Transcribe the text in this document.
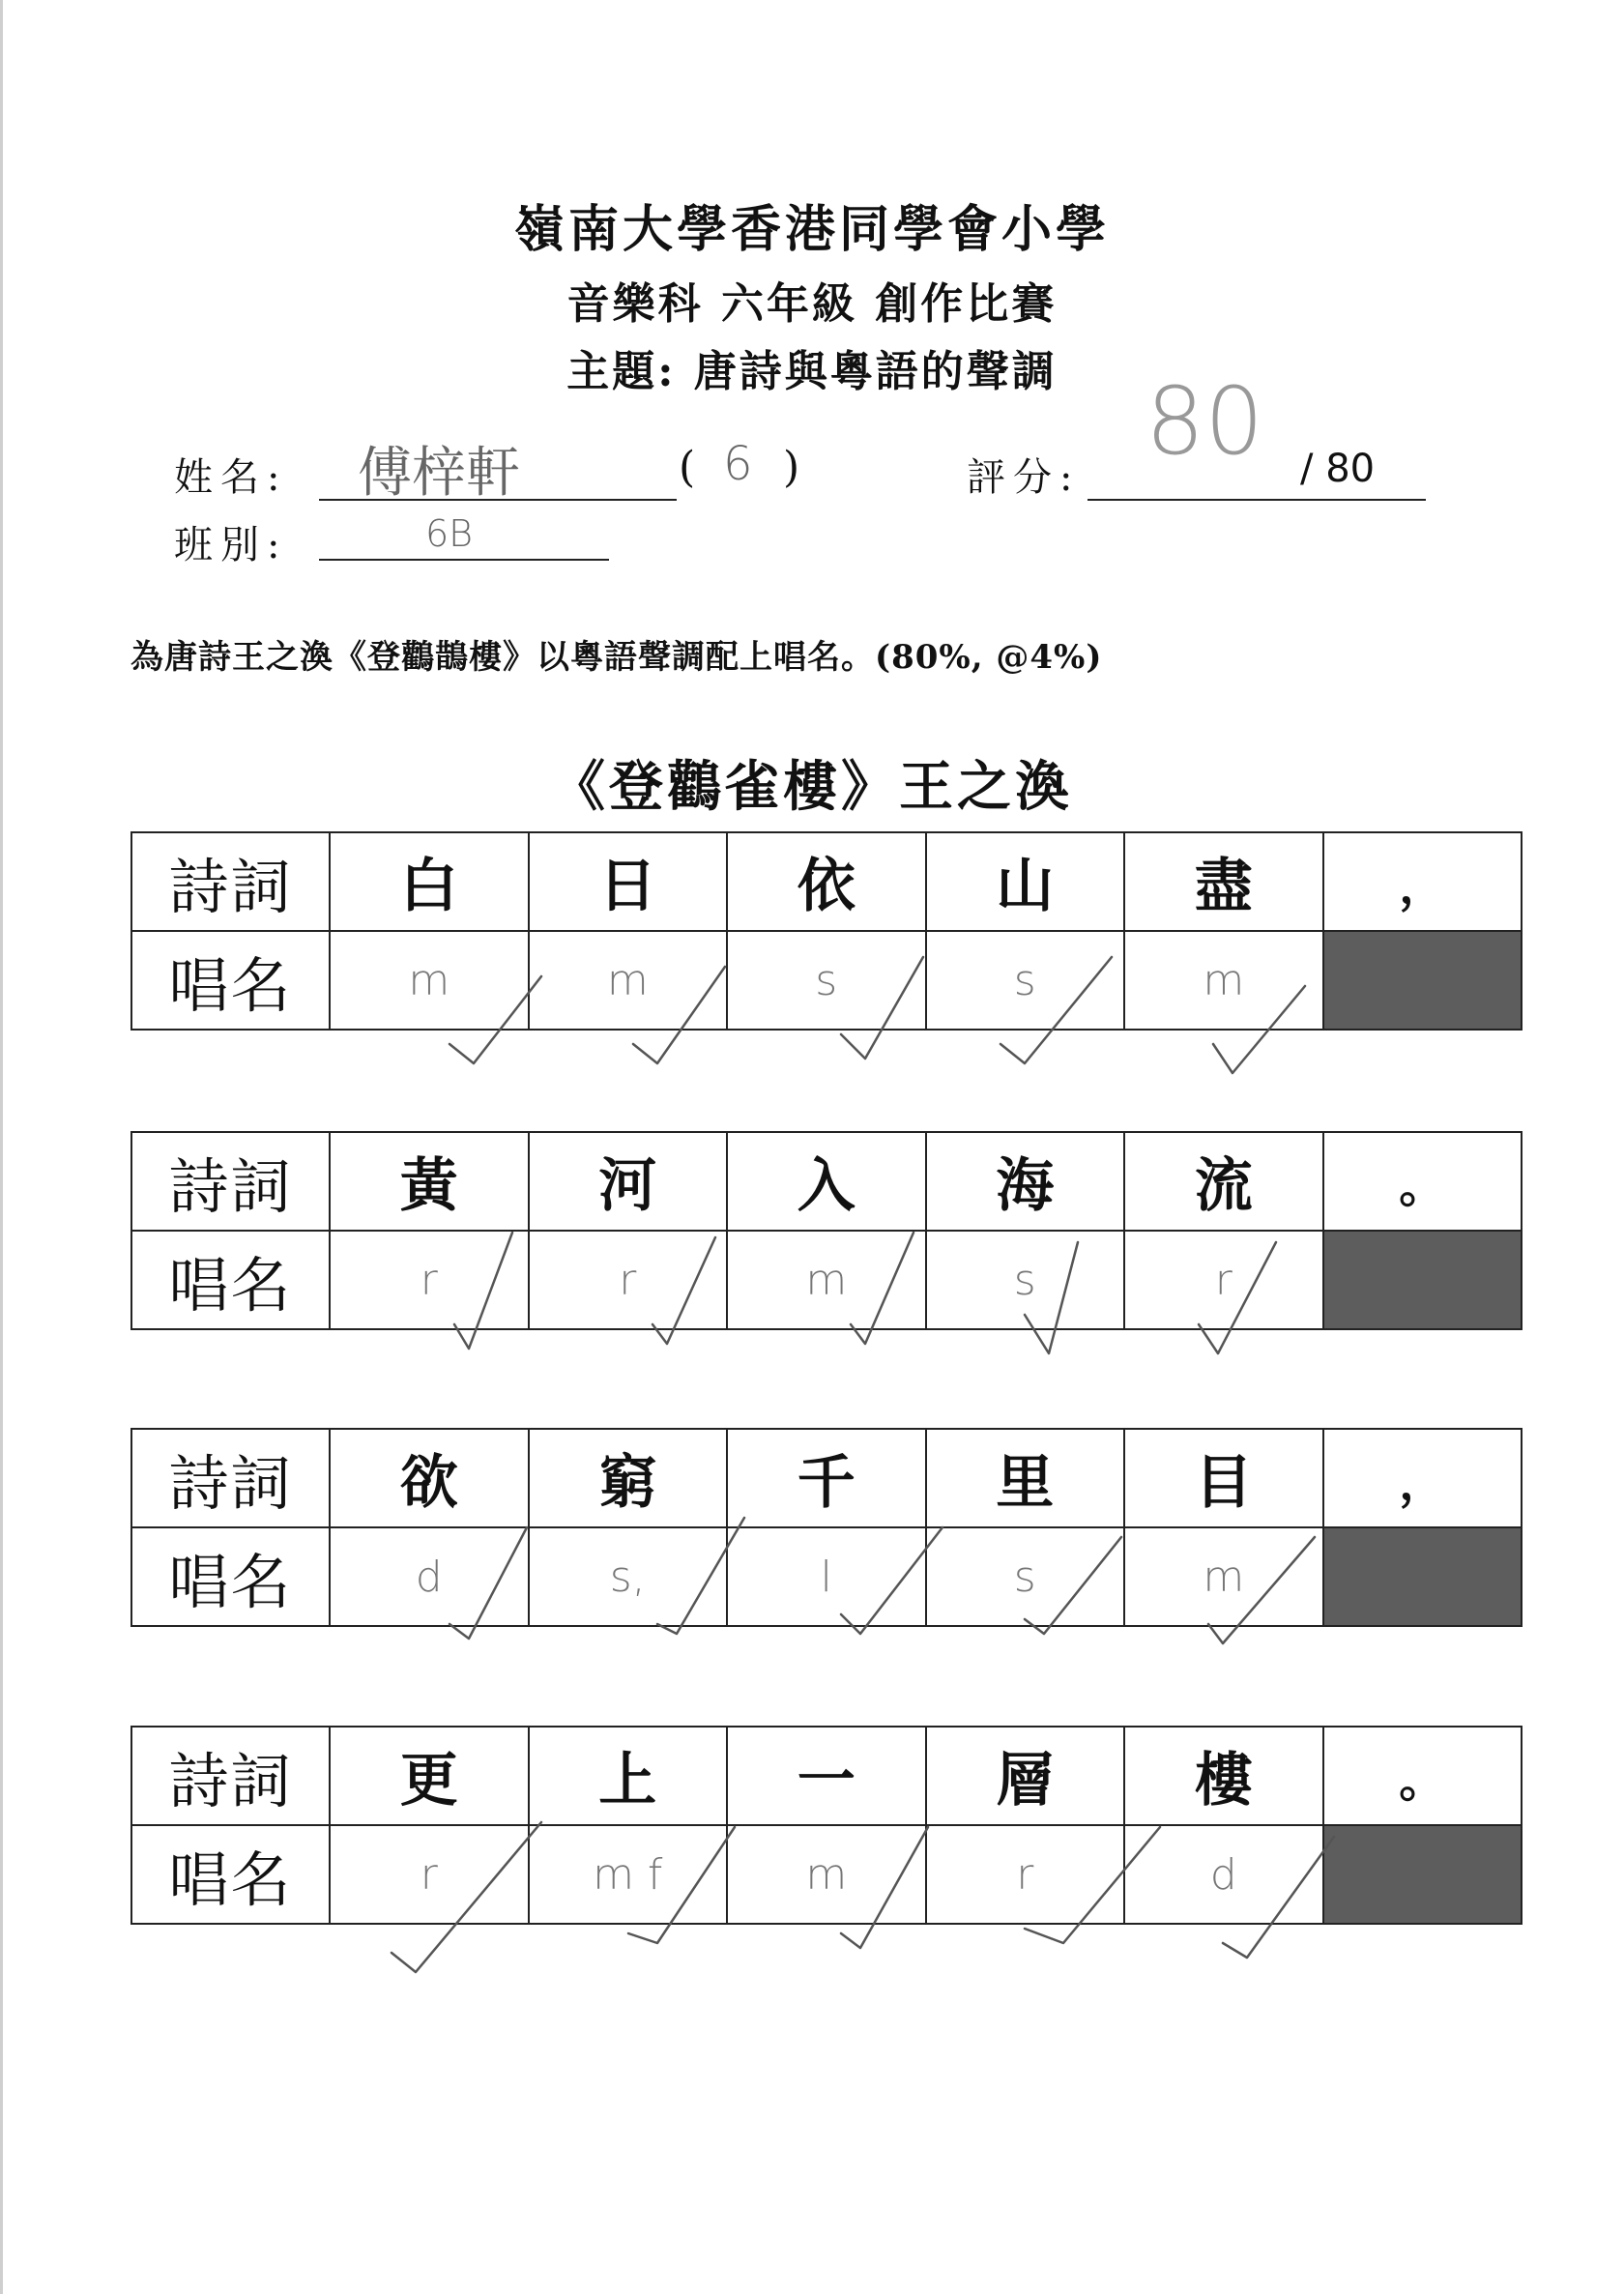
嶺南大學香港同學會小學
音樂科 六年級 創作比賽
主題: 唐詩與粵語的聲調
姓名: 傅梓軒	( 6 )	評分:
80 / 80
班別:	6B
為唐詩王之渙《登鸛鵲樓》以粵語聲調配上唱名。(80%, @4%)
《登鸛雀樓》王之渙
詩詞	白	日	依	山	盡	，
唱名	m	m	s	s	m	
詩詞	黃	河	入	海	流	。
唱名	r	r	m	s	r	
詩詞	欲	窮	千	里	目	，
唱名	d	s,	l	s	m	
詩詞	更	上	一	層	樓	。
唱名	r	m f	m	r	d	
